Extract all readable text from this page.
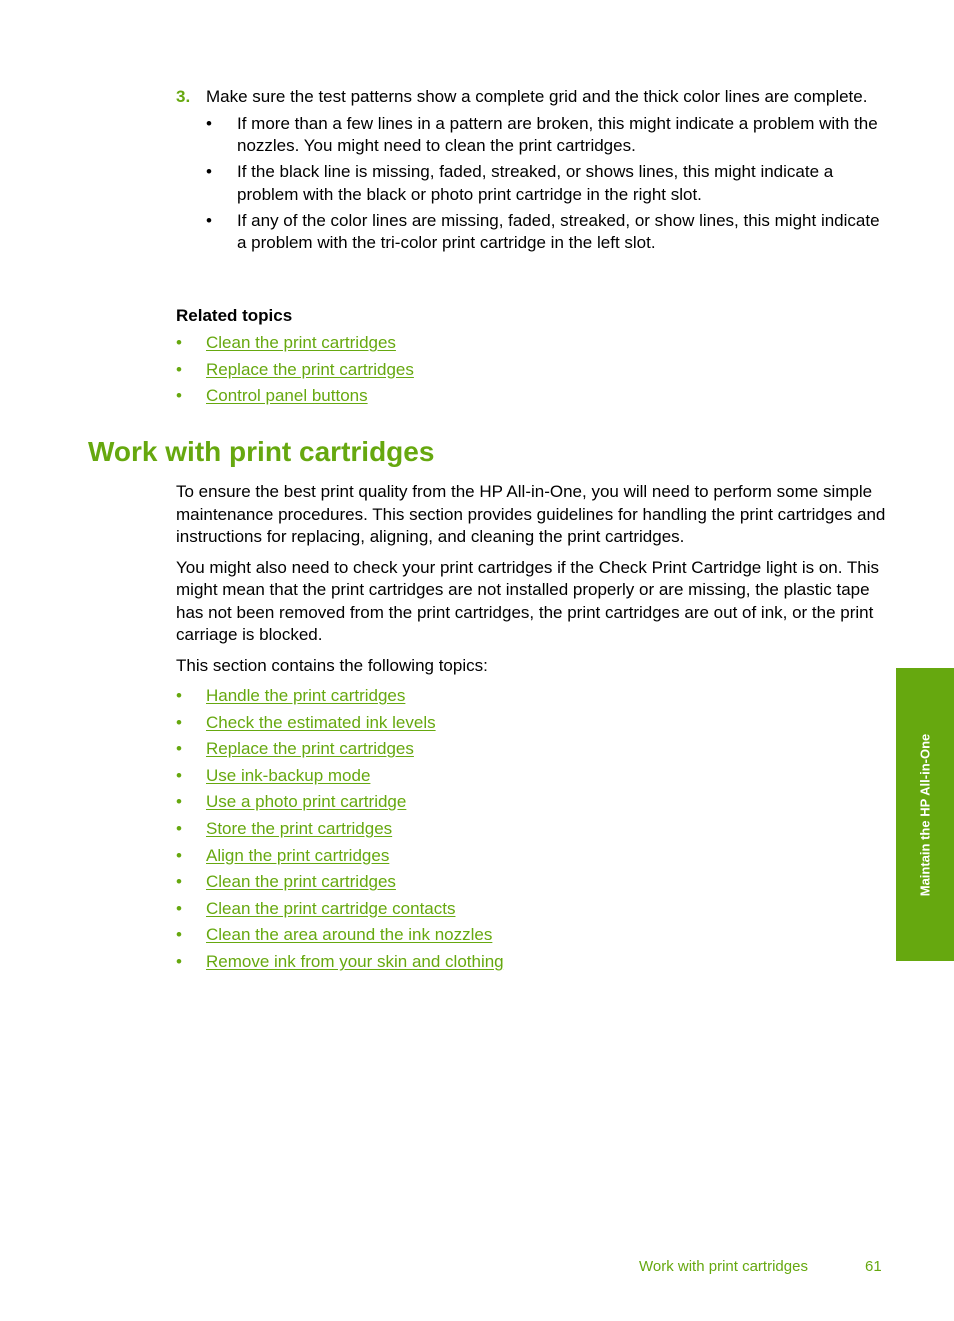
3. Make sure the test patterns show a complete grid and the thick color lines are complete.
• If more than a few lines in a pattern are broken, this might indicate a problem with the nozzles. You might need to clean the print cartridges.
• If the black line is missing, faded, streaked, or shows lines, this might indicate a problem with the black or photo print cartridge in the right slot.
• If any of the color lines are missing, faded, streaked, or show lines, this might indicate a problem with the tri-color print cartridge in the left slot.
Related topics
• Clean the print cartridges
• Replace the print cartridges
• Control panel buttons
Work with print cartridges

To ensure the best print quality from the HP All-in-One, you will need to perform some simple maintenance procedures. This section provides guidelines for handling the print cartridges and instructions for replacing, aligning, and cleaning the print cartridges.

You might also need to check your print cartridges if the Check Print Cartridge light is on. This might mean that the print cartridges are not installed properly or are missing, the plastic tape has not been removed from the print cartridges, the print cartridges are out of ink, or the print carriage is blocked.

This section contains the following topics:

• Handle the print cartridges
• Check the estimated ink levels
• Replace the print cartridges
• Use ink-backup mode
• Use a photo print cartridge
• Store the print cartridges
• Align the print cartridges
• Clean the print cartridges
• Clean the print cartridge contacts
• Clean the area around the ink nozzles
• Remove ink from your skin and clothing
Maintain the HP All-in-One
Work with print cartridges	61
